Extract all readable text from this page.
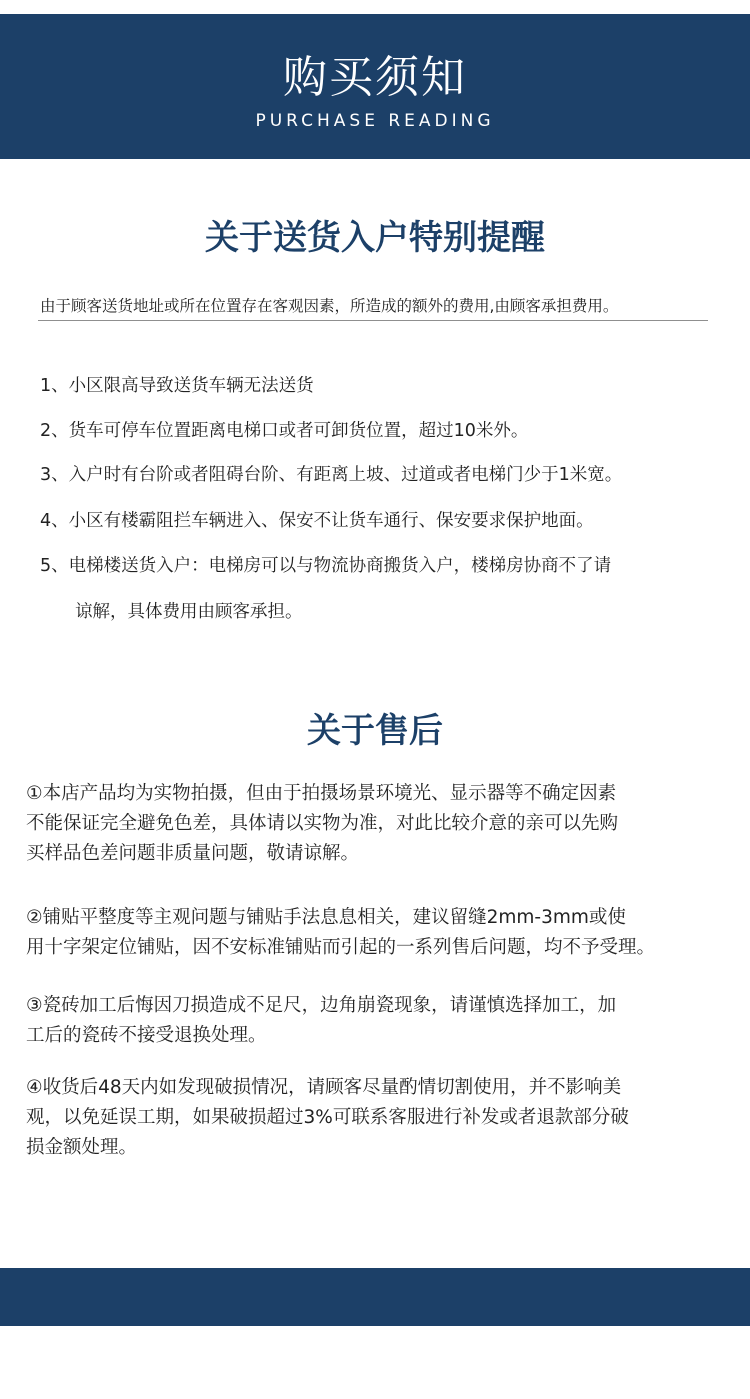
购买须知
PURCHASE READING
关于送货入户特别提醒
由于顾客送货地址或所在位置存在客观因素，所造成的额外的费用,由顾客承担费用。
1、小区限高导致送货车辆无法送货
2、货车可停车位置距离电梯口或者可卸货位置，超过10米外。
3、入户时有台阶或者阻碍台阶、有距离上坡、过道或者电梯门少于1米宽。
4、小区有楼霸阻拦车辆进入、保安不让货车通行、保安要求保护地面。
5、电梯楼送货入户：电梯房可以与物流协商搬货入户，楼梯房协商不了请
谅解，具体费用由顾客承担。
关于售后
①本店产品均为实物拍摄，但由于拍摄场景环境光、显示器等不确定因素
不能保证完全避免色差，具体请以实物为准，对此比较介意的亲可以先购
买样品色差问题非质量问题，敬请谅解。
②铺贴平整度等主观问题与铺贴手法息息相关，建议留缝2mm-3mm或使
用十字架定位铺贴，因不安标准铺贴而引起的一系列售后问题，均不予受理。
③瓷砖加工后悔因刀损造成不足尺，边角崩瓷现象，请谨慎选择加工，加
工后的瓷砖不接受退换处理。
④收货后48天内如发现破损情况，请顾客尽量酌情切割使用，并不影响美
观，以免延误工期，如果破损超过3%可联系客服进行补发或者退款部分破
损金额处理。
